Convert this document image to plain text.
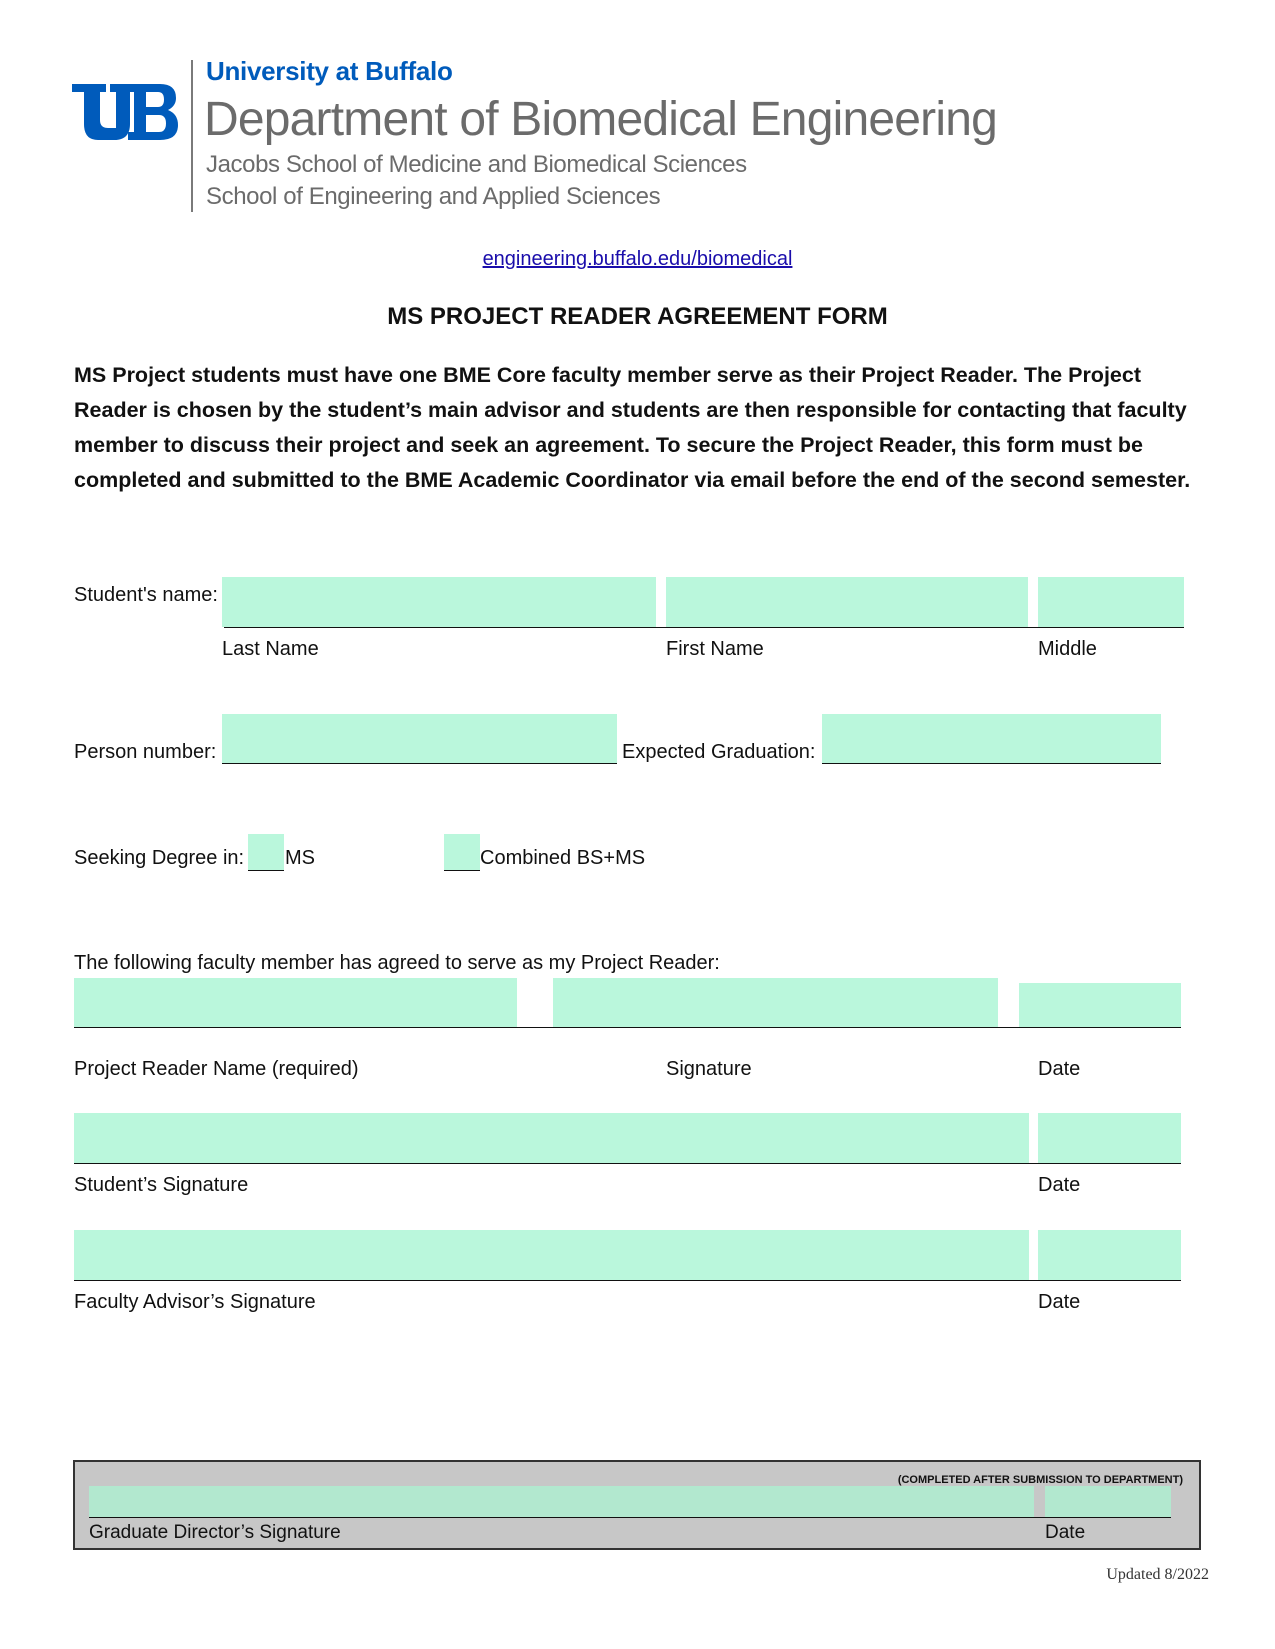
University at Buffalo
Department of Biomedical Engineering
Jacobs School of Medicine and Biomedical Sciences
School of Engineering and Applied Sciences
engineering.buffalo.edu/biomedical
MS PROJECT READER AGREEMENT FORM
MS Project students must have one BME Core faculty member serve as their Project Reader. The Project Reader is chosen by the student’s main advisor and students are then responsible for contacting that faculty member to discuss their project and seek an agreement. To secure the Project Reader, this form must be completed and submitted to the BME Academic Coordinator via email before the end of the second semester.
Student's name:
Last Name	First Name	Middle
Person number:	Expected Graduation:
Seeking Degree in: MS	Combined BS+MS
The following faculty member has agreed to serve as my Project Reader:
Project Reader Name (required)	Signature	Date
Student’s Signature	Date
Faculty Advisor’s Signature	Date
(COMPLETED AFTER SUBMISSION TO DEPARTMENT)
Graduate Director’s Signature	Date
Updated 8/2022
